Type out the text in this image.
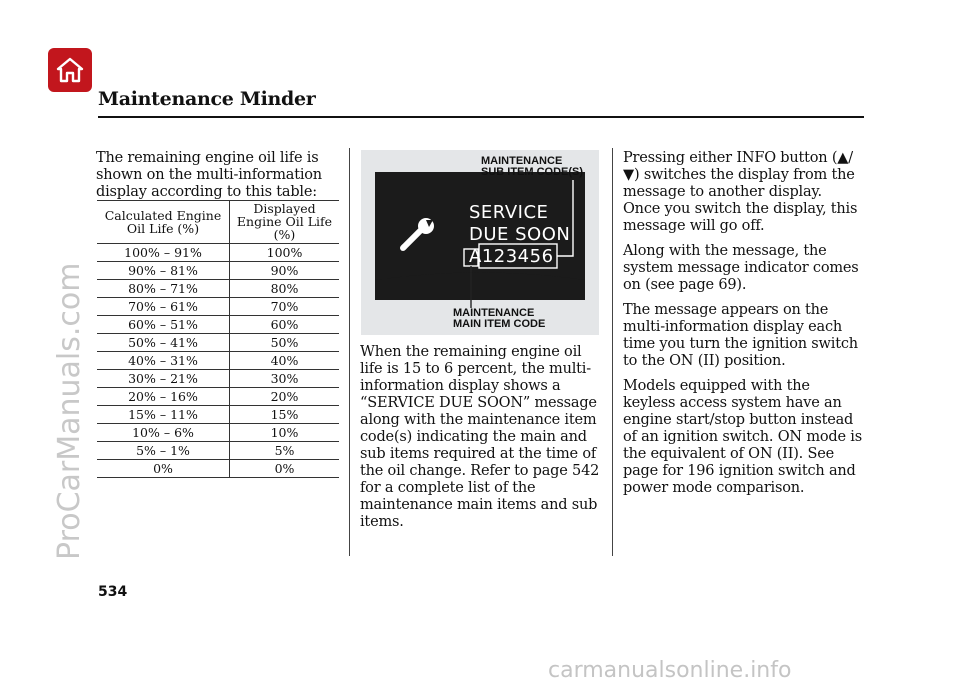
Maintenance Minder

The remaining engine oil life is shown on the multi-information display according to this table:

Calculated Engine Oil Life (%)	Displayed Engine Oil Life (%)
100% – 91%	100%
90% – 81%	90%
80% – 71%	80%
70% – 61%	70%
60% – 51%	60%
50% – 41%	50%
40% – 31%	40%
30% – 21%	30%
20% – 16%	20%
15% – 11%	15%
10% – 6%	10%
5% – 1%	5%
0%	0%
SERVICE
DUE SOON
A123456
MAINTENANCE
SUB ITEM CODE(S)
MAINTENANCE
MAIN ITEM CODE

When the remaining engine oil life is 15 to 6 percent, the multi-information display shows a “SERVICE DUE SOON” message along with the maintenance item code(s) indicating the main and sub items required at the time of the oil change. Refer to page 542 for a complete list of the maintenance main items and sub items.

Pressing either INFO button (▲/▼) switches the display from the message to another display. Once you switch the display, this message will go off.

Along with the message, the system message indicator comes on (see page 69).

The message appears on the multi-information display each time you turn the ignition switch to the ON (II) position.

Models equipped with the keyless access system have an engine start/stop button instead of an ignition switch. ON mode is the equivalent of ON (II). See page for 196 ignition switch and power mode comparison.

534
ProCarManuals.com
carmanualsonline.info
